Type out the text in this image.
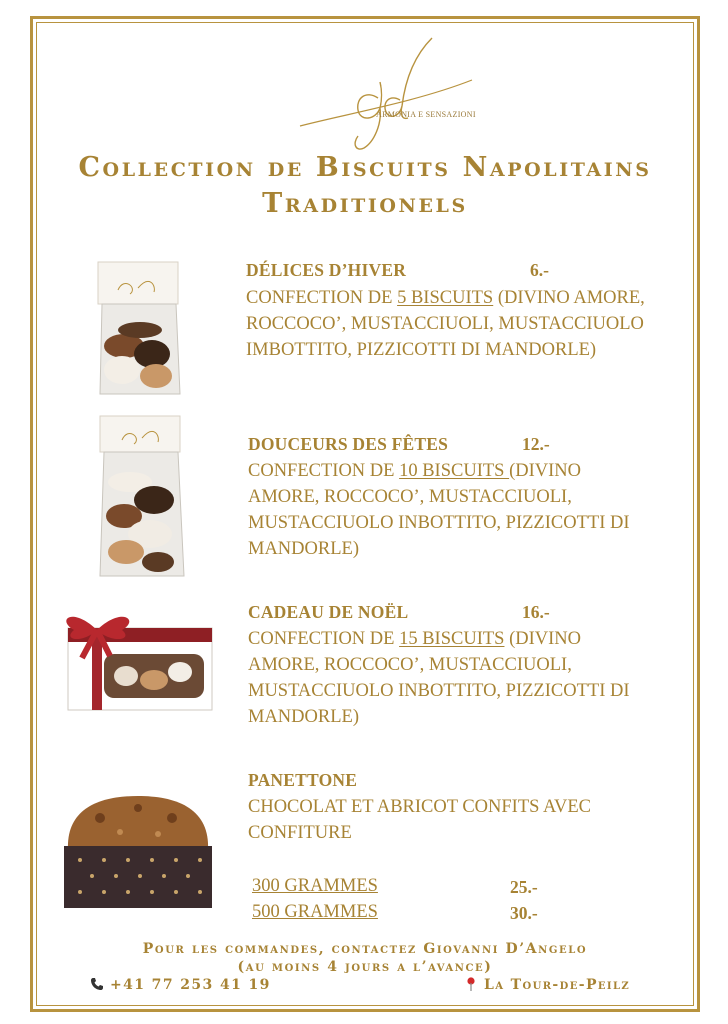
ARMONIA E SENSAZIONI
Collection de Biscuits Napolitains
Traditionels
DÉLICES D’HIVER	6.-
CONFECTION DE 5 BISCUITS (DIVINO AMORE,
ROCCOCO’, MUSTACCIUOLI, MUSTACCIUOLO
IMBOTTITO, PIZZICOTTI DI MANDORLE)
DOUCEURS DES FÊTES	12.-
CONFECTION DE 10 BISCUITS (DIVINO
AMORE, ROCCOCO’, MUSTACCIUOLI,
MUSTACCIUOLO INBOTTITO, PIZZICOTTI DI
MANDORLE)
CADEAU DE NOËL	16.-
CONFECTION DE 15 BISCUITS (DIVINO
AMORE, ROCCOCO’, MUSTACCIUOLI,
MUSTACCIUOLO INBOTTITO, PIZZICOTTI DI
MANDORLE)
PANETTONE
CHOCOLAT ET ABRICOT CONFITS AVEC
CONFITURE
300 GRAMMES	25.-
500 GRAMMES	30.-
Pour les commandes, contactez Giovanni D’Angelo
(au moins 4 jours a l’avance)
+41 77 253 41 19	La Tour-de-Peilz
